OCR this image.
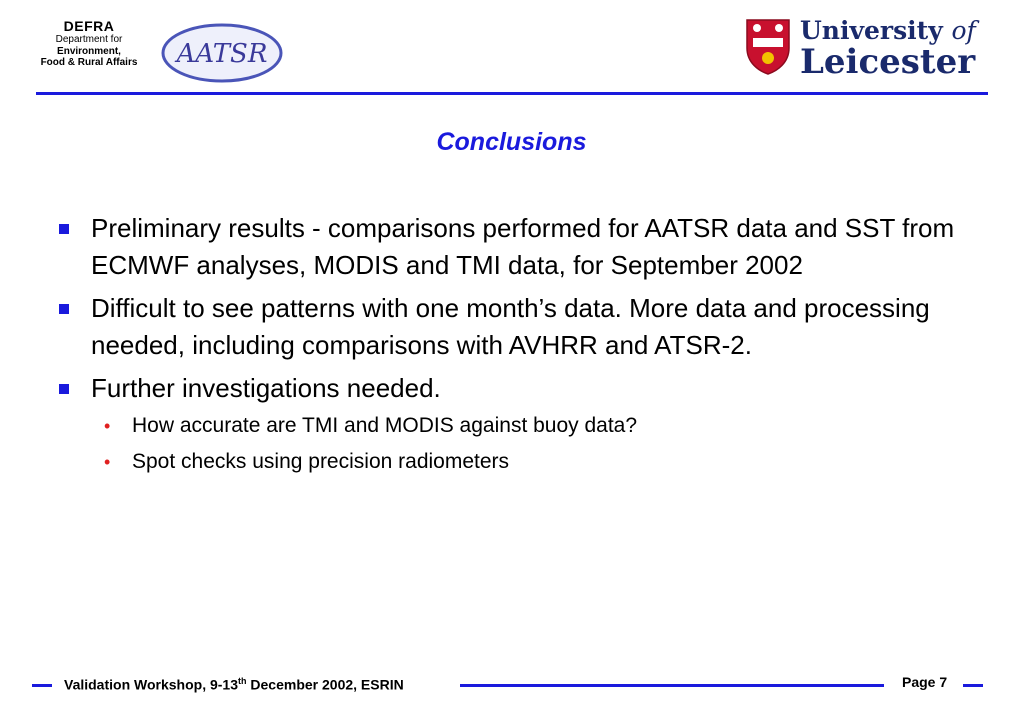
DEFRA
Department for
Environment,
Food & Rural Affairs	AATSR
University of
Leicester
Conclusions
Preliminary results - comparisons performed for AATSR data and SST from ECMWF analyses, MODIS and TMI data, for September 2002
Difficult to see patterns with one month’s data. More data and processing needed, including comparisons with AVHRR and ATSR-2.
Further investigations needed.
• How accurate are TMI and MODIS against buoy data?
• Spot checks using precision radiometers
Validation Workshop, 9-13th December 2002, ESRIN	Page 7
